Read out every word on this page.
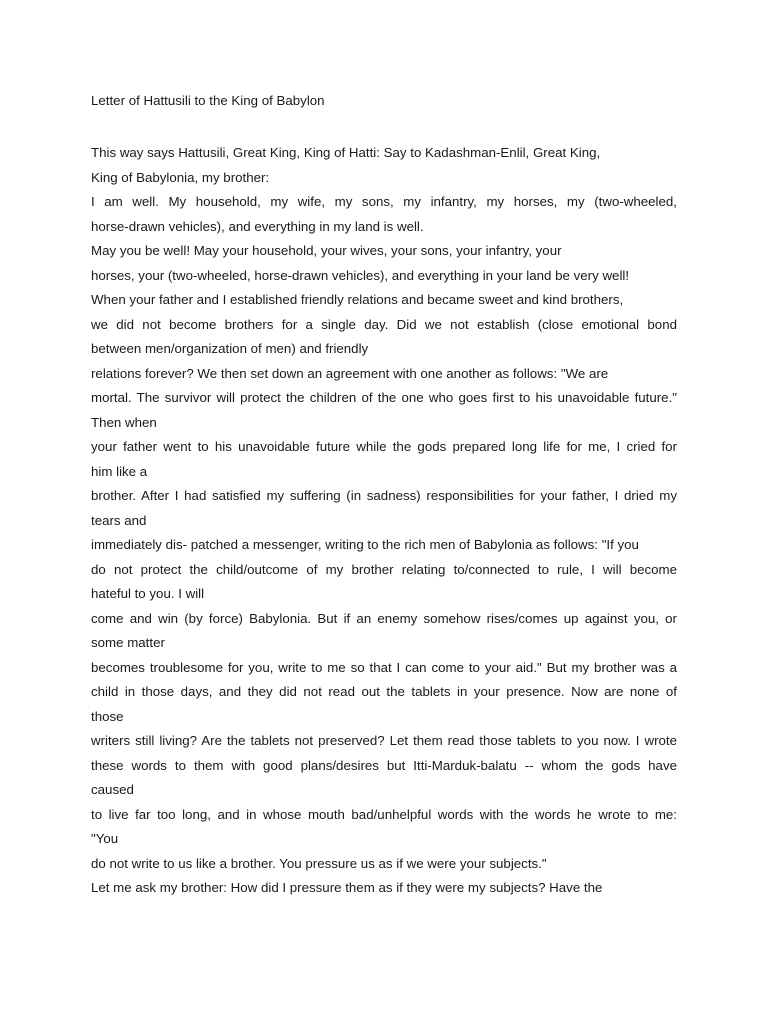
Letter of Hattusili to the King of Babylon
This way says Hattusili, Great King, King of Hatti: Say to Kadashman-Enlil, Great King,
King of Babylonia, my brother:
I am well. My household, my wife, my sons, my infantry, my horses, my (two-wheeled,
horse-drawn vehicles), and everything in my land is well.
May you be well! May your household, your wives, your sons, your infantry, your
horses, your (two-wheeled, horse-drawn vehicles), and everything in your land be very well!
When your father and I established friendly relations and became sweet and kind brothers,
we did not become brothers for a single day. Did we not establish (close emotional bond
between men/organization of men) and friendly
relations forever? We then set down an agreement with one another as follows: "We are
mortal. The survivor will protect the children of the one who goes first to his unavoidable future."
Then when
your father went to his unavoidable future while the gods prepared long life for me, I cried for
him like a
brother. After I had satisfied my suffering (in sadness) responsibilities for your father, I dried my
tears and
immediately dis- patched a messenger, writing to the rich men of Babylonia as follows: "If you
do not protect the child/outcome of my brother relating to/connected to rule, I will become
hateful to you. I will
come and win (by force) Babylonia. But if an enemy somehow rises/comes up against you, or
some matter
becomes troublesome for you, write to me so that I can come to your aid." But my brother was a
child in those days, and they did not read out the tablets in your presence. Now are none of
those
writers still living? Are the tablets not preserved? Let them read those tablets to you now. I wrote
these words to them with good plans/desires but Itti-Marduk-balatu -- whom the gods have
caused
to live far too long, and in whose mouth bad/unhelpful words with the words he wrote to me:
"You
do not write to us like a brother. You pressure us as if we were your subjects."
Let me ask my brother: How did I pressure them as if they were my subjects? Have the
